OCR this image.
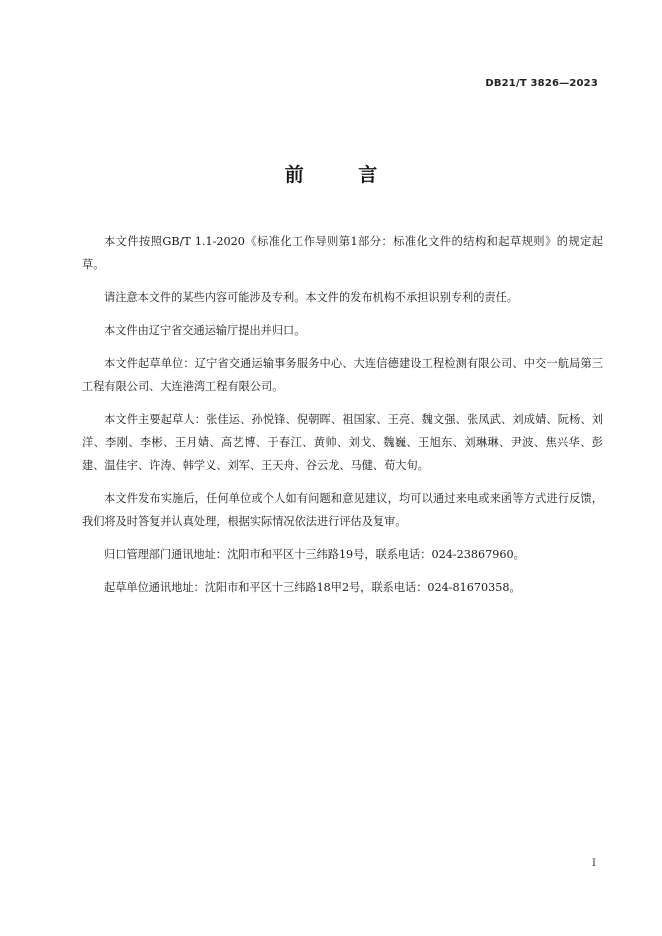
DB21/T 3826—2023
前 言

本文件按照GB/T 1.1-2020《标准化工作导则第1部分：标准化文件的结构和起草规则》的规定起草。

请注意本文件的某些内容可能涉及专利。本文件的发布机构不承担识别专利的责任。

本文件由辽宁省交通运输厅提出并归口。

本文件起草单位：辽宁省交通运输事务服务中心、大连信德建设工程检测有限公司、中交一航局第三工程有限公司、大连港湾工程有限公司。

本文件主要起草人：张佳运、孙悦锋、倪朝晖、祖国家、王亮、魏文强、张凤武、刘成婧、阮杨、刘洋、李刚、李彬、王月婧、高艺博、于春江、黄帅、刘戈、魏巍、王旭东、刘琳琳、尹波、焦兴华、彭建、温佳宇、许涛、韩学义、刘军、王天舟、谷云龙、马健、荀大旬。

本文件发布实施后，任何单位或个人如有问题和意见建议，均可以通过来电或来函等方式进行反馈，我们将及时答复并认真处理，根据实际情况依法进行评估及复审。

归口管理部门通讯地址：沈阳市和平区十三纬路19号，联系电话：024-23867960。

起草单位通讯地址：沈阳市和平区十三纬路18甲2号，联系电话：024-81670358。

I
